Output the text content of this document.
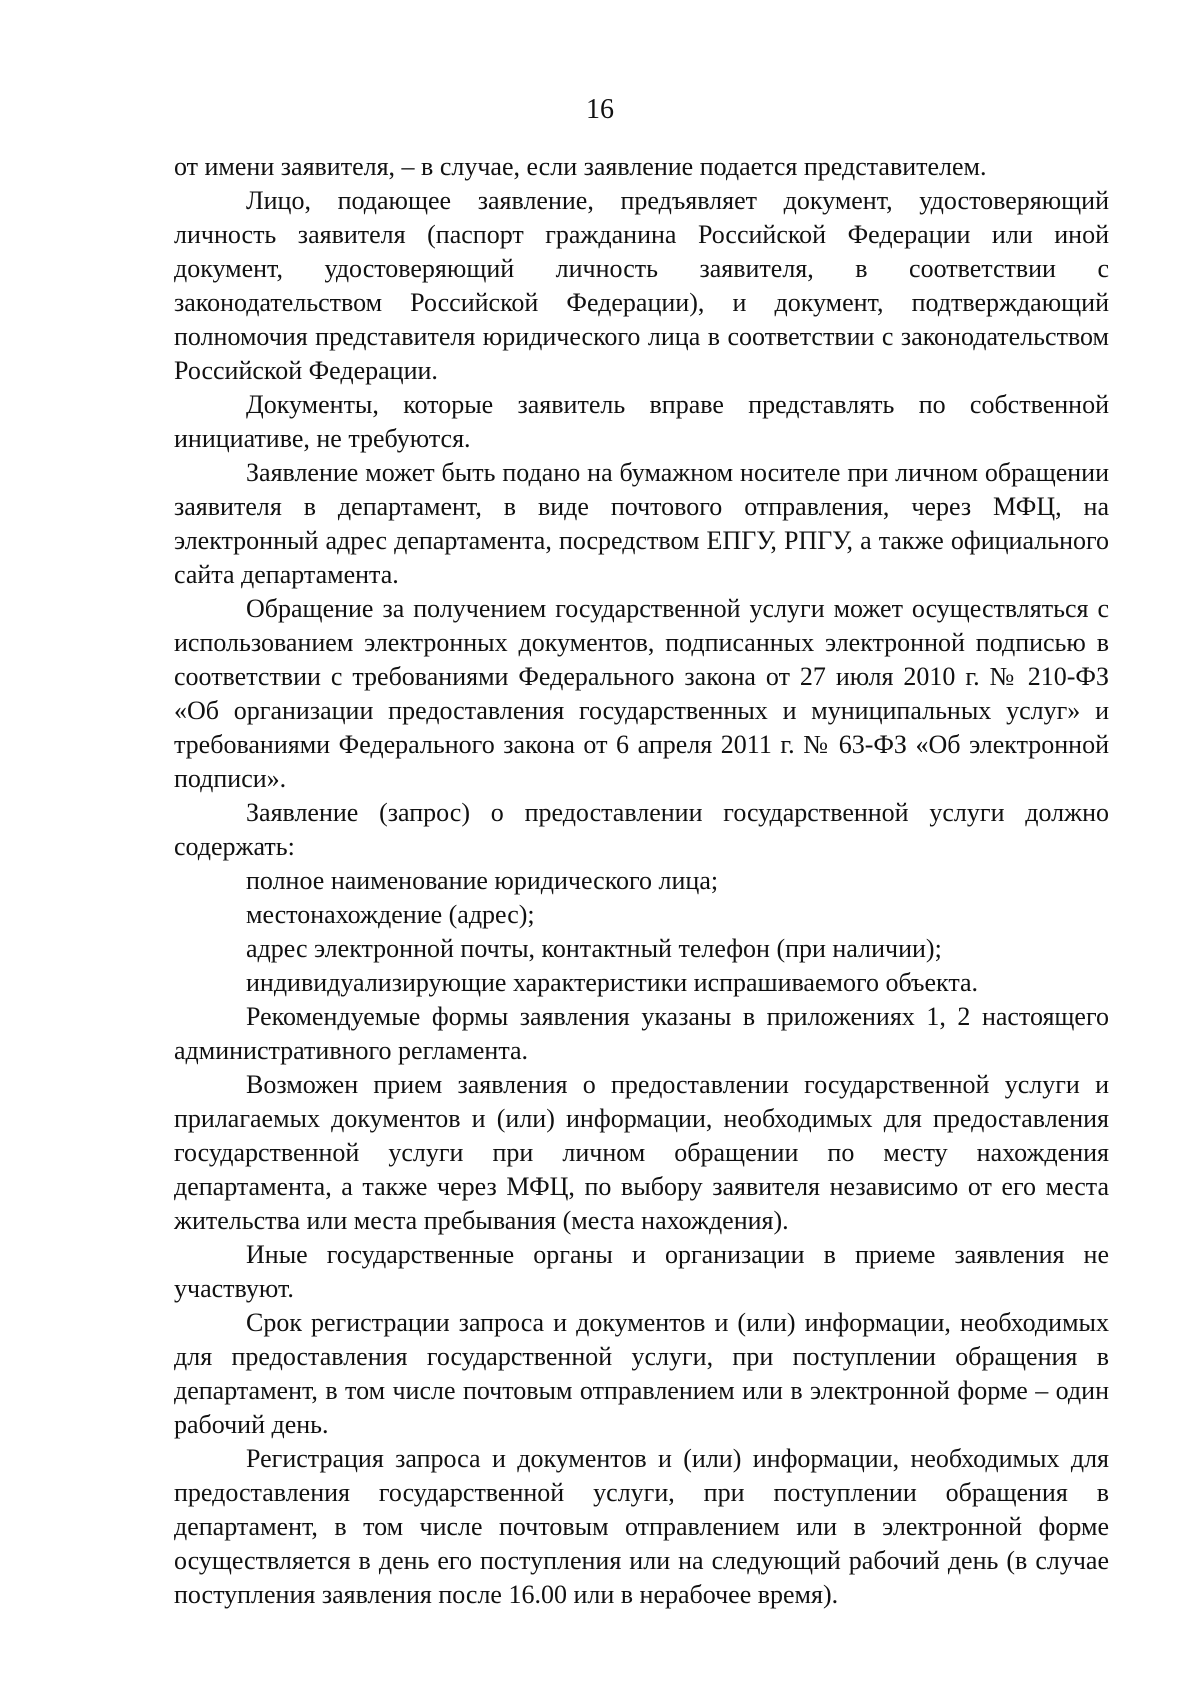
16

от имени заявителя, – в случае, если заявление подается представителем.

Лицо, подающее заявление, предъявляет документ, удостоверяющий личность заявителя (паспорт гражданина Российской Федерации или иной документ, удостоверяющий личность заявителя, в соответствии с законодательством Российской Федерации), и документ, подтверждающий полномочия представителя юридического лица в соответствии с законодательством Российской Федерации.

Документы, которые заявитель вправе представлять по собственной инициативе, не требуются.

Заявление может быть подано на бумажном носителе при личном обращении заявителя в департамент, в виде почтового отправления, через МФЦ, на электронный адрес департамента, посредством ЕПГУ, РПГУ, а также официального сайта департамента.

Обращение за получением государственной услуги может осуществляться с использованием электронных документов, подписанных электронной подписью в соответствии с требованиями Федерального закона от 27 июля 2010 г. № 210-ФЗ «Об организации предоставления государственных и муниципальных услуг» и требованиями Федерального закона от 6 апреля 2011 г. № 63-ФЗ «Об электронной подписи».

Заявление (запрос) о предоставлении государственной услуги должно содержать:

полное наименование юридического лица;

местонахождение (адрес);

адрес электронной почты, контактный телефон (при наличии);

индивидуализирующие характеристики испрашиваемого объекта.

Рекомендуемые формы заявления указаны в приложениях 1, 2 настоящего административного регламента.

Возможен прием заявления о предоставлении государственной услуги и прилагаемых документов и (или) информации, необходимых для предоставления государственной услуги при личном обращении по месту нахождения департамента, а также через МФЦ, по выбору заявителя независимо от его места жительства или места пребывания (места нахождения).

Иные государственные органы и организации в приеме заявления не участвуют.

Срок регистрации запроса и документов и (или) информации, необходимых для предоставления государственной услуги, при поступлении обращения в департамент, в том числе почтовым отправлением или в электронной форме – один рабочий день.

Регистрация запроса и документов и (или) информации, необходимых для предоставления государственной услуги, при поступлении обращения в департамент, в том числе почтовым отправлением или в электронной форме осуществляется в день его поступления или на следующий рабочий день (в случае поступления заявления после 16.00 или в нерабочее время).
